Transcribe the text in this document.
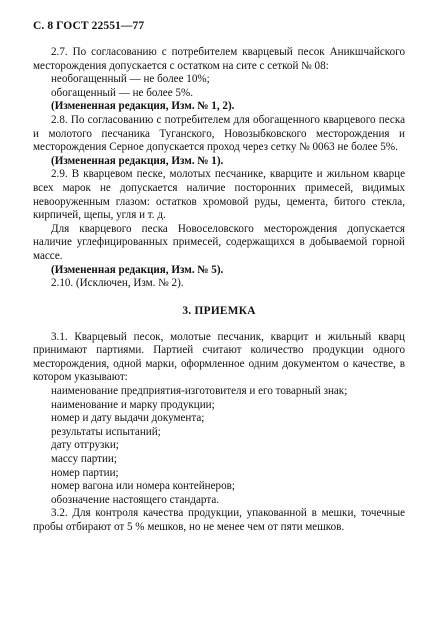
С. 8 ГОСТ 22551—77

2.7. По согласованию с потребителем кварцевый песок Аникшчайского месторождения допускается с остатком на сите с сеткой № 08:

необогащенный — не более 10%;

обогащенный — не более 5%.

(Измененная редакция, Изм. № 1, 2).

2.8. По согласованию с потребителем для обогащенного кварцевого песка и молотого песчаника Туганского, Новозыбковского месторождения и месторождения Серное допускается проход через сетку № 0063 не более 5%.

(Измененная редакция, Изм. № 1).

2.9. В кварцевом песке, молотых песчанике, кварците и жильном кварце всех марок не допускается наличие посторонних примесей, видимых невооруженным глазом: остатков хромовой руды, цемента, битого стекла, кирпичей, щепы, угля и т. д.

Для кварцевого песка Новоселовского месторождения допускается наличие углефицированных примесей, содержащихся в добываемой горной массе.

(Измененная редакция, Изм. № 5).

2.10. (Исключен, Изм. № 2).

3. ПРИЕМКА

3.1. Кварцевый песок, молотые песчаник, кварцит и жильный кварц принимают партиями. Партией считают количество продукции одного месторождения, одной марки, оформленное одним документом о качестве, в котором указывают:

наименование предприятия-изготовителя и его товарный знак;

наименование и марку продукции;

номер и дату выдачи документа;

результаты испытаний;

дату отгрузки;

массу партии;

номер партии;

номер вагона или номера контейнеров;

обозначение настоящего стандарта.

3.2. Для контроля качества продукции, упакованной в мешки, точечные пробы отбирают от 5 % мешков, но не менее чем от пяти мешков.
